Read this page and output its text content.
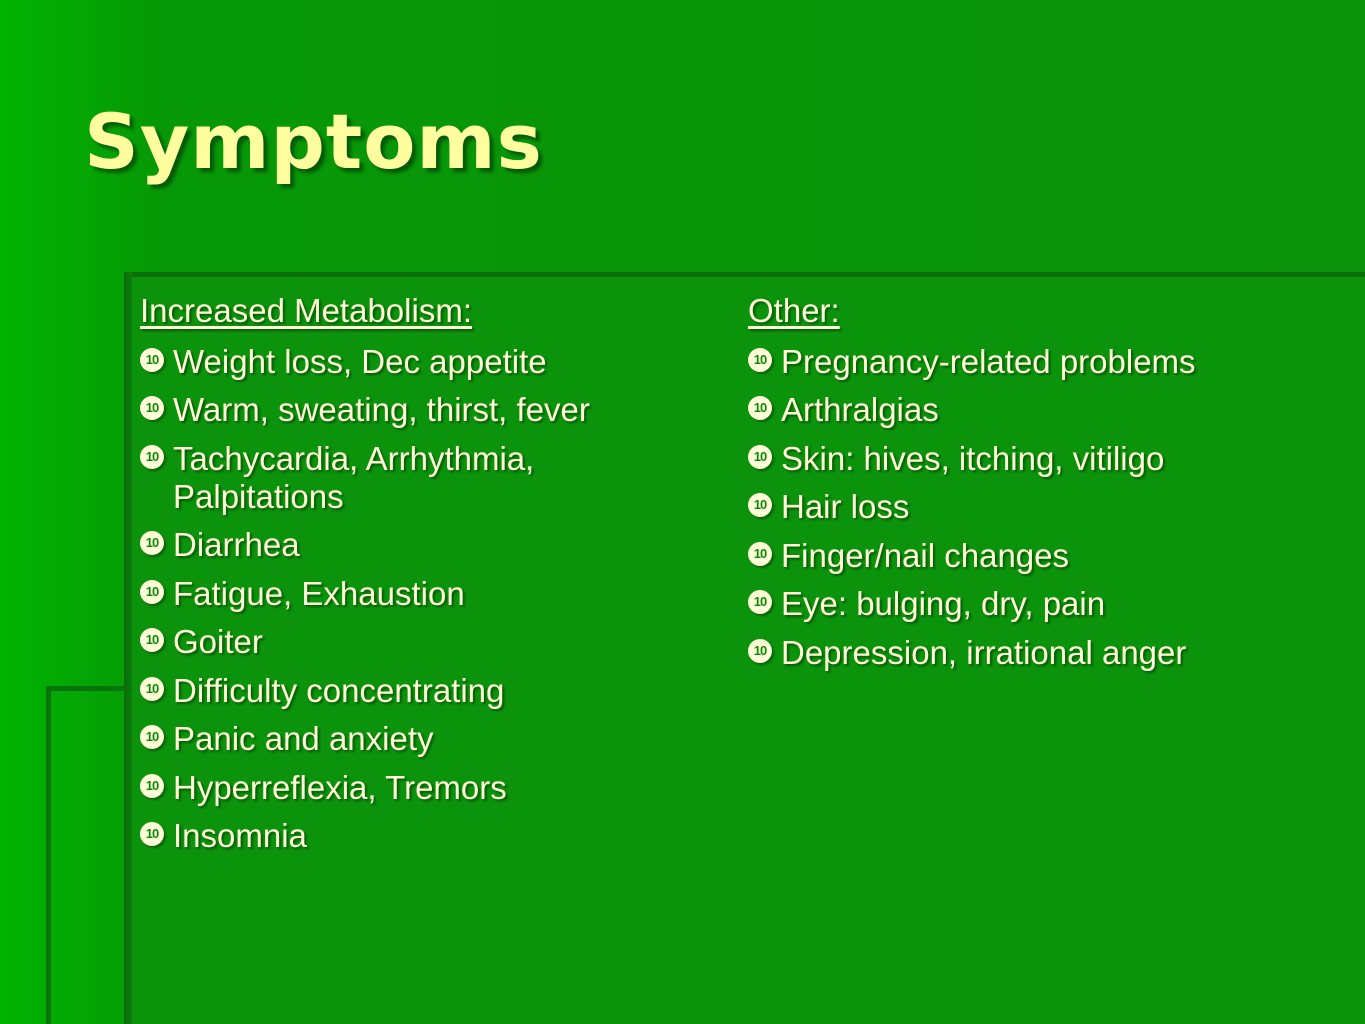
Symptoms
Increased Metabolism:
10 Weight loss, Dec appetite
10 Warm, sweating, thirst, fever
10 Tachycardia, Arrhythmia, Palpitations
10 Diarrhea
10 Fatigue, Exhaustion
10 Goiter
10 Difficulty concentrating
10 Panic and anxiety
10 Hyperreflexia, Tremors
10 Insomnia
Other:
10 Pregnancy-related problems
10 Arthralgias
10 Skin: hives, itching, vitiligo
10 Hair loss
10 Finger/nail changes
10 Eye: bulging, dry, pain
10 Depression, irrational anger
